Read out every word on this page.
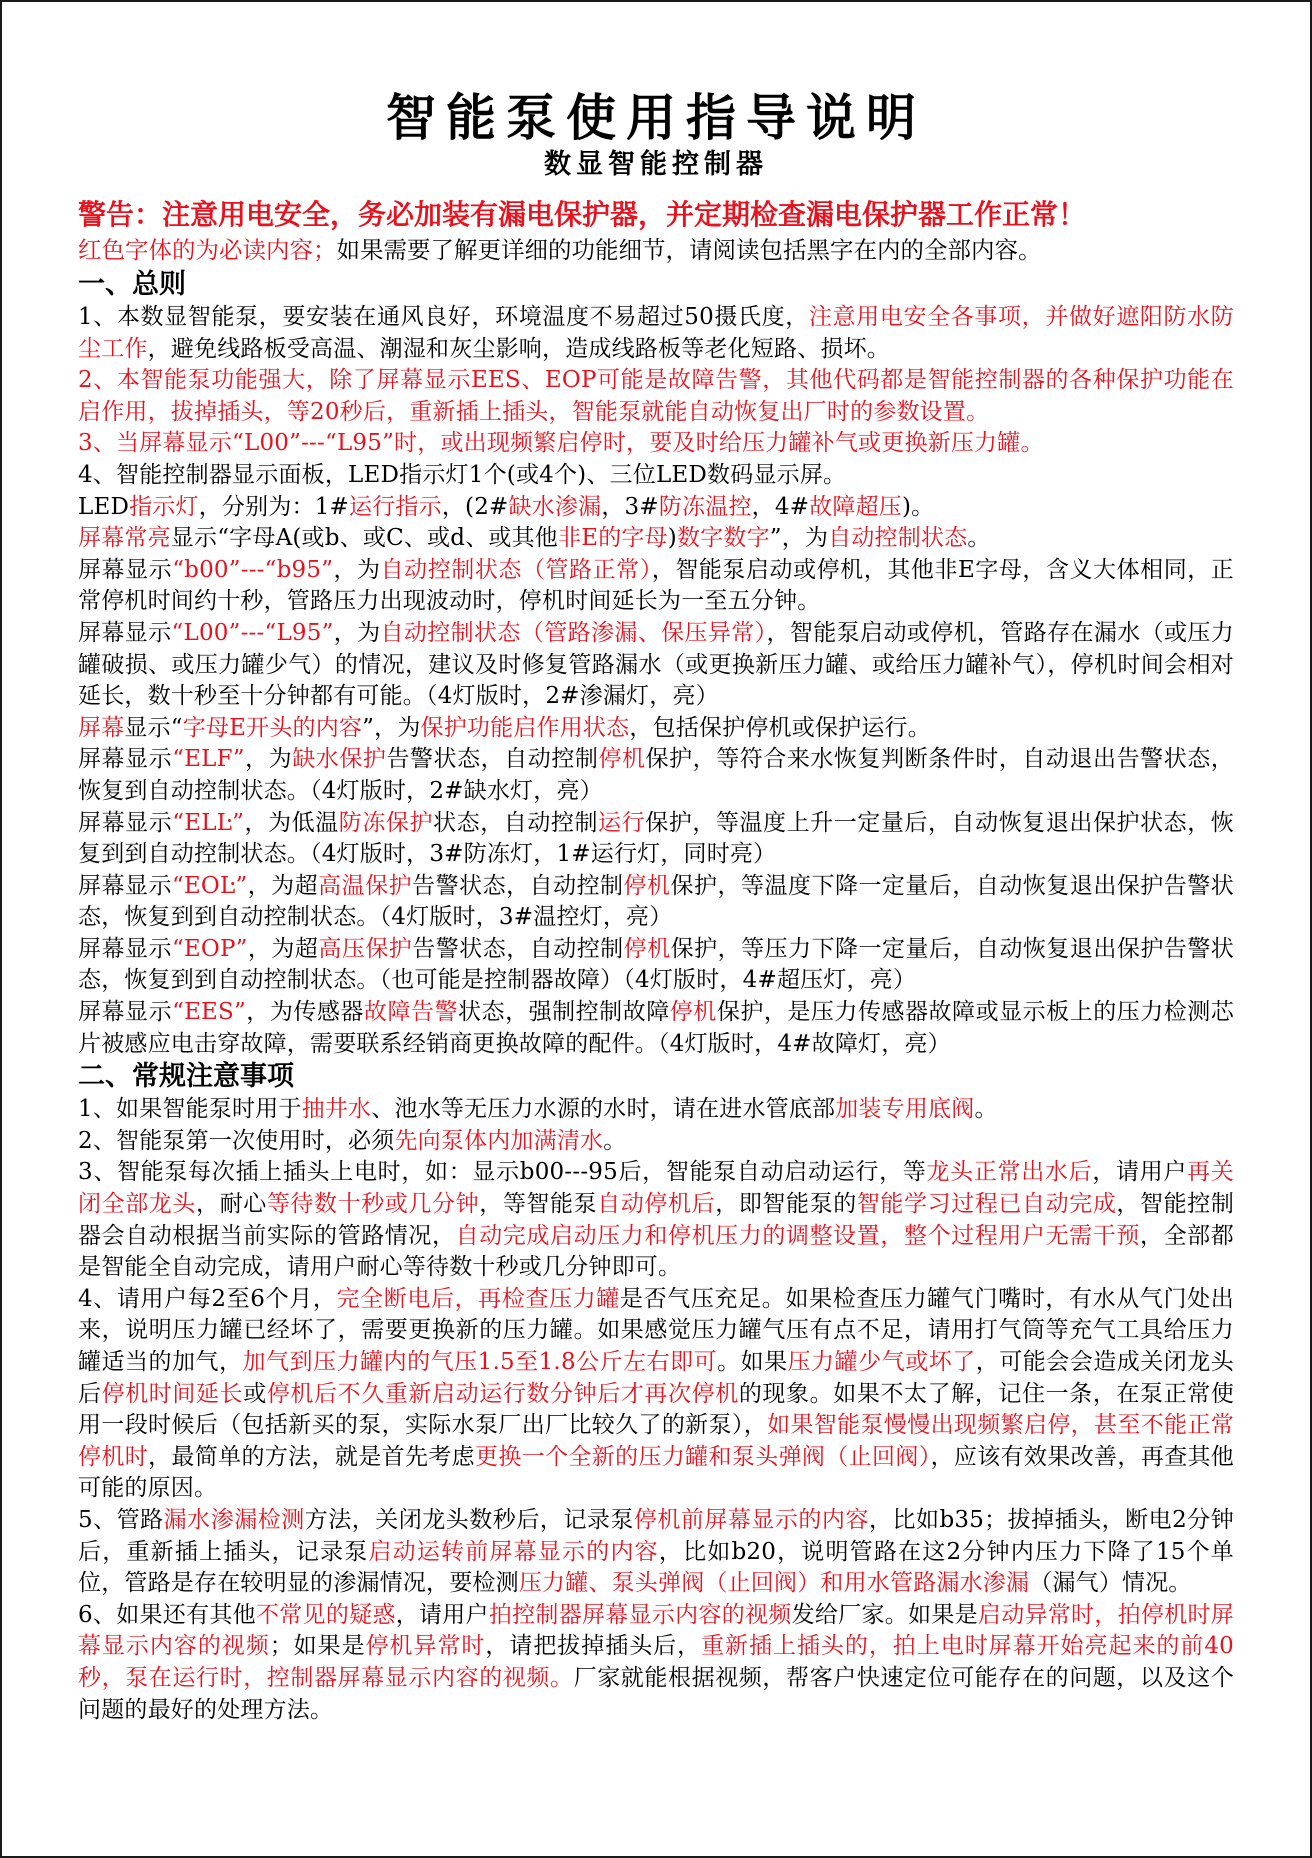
智能泵使用指导说明
数显智能控制器
警告：注意用电安全，务必加装有漏电保护器，并定期检查漏电保护器工作正常！
红色字体的为必读内容；如果需要了解更详细的功能细节，请阅读包括黑字在内的全部内容。
一、总则
1、本数显智能泵，要安装在通风良好，环境温度不易超过50摄氏度，注意用电安全各事项，并做好遮阳防水防尘工作，避免线路板受高温、潮湿和灰尘影响，造成线路板等老化短路、损坏。
2、本智能泵功能强大，除了屏幕显示EES、EOP可能是故障告警，其他代码都是智能控制器的各种保护功能在启作用，拔掉插头，等20秒后，重新插上插头，智能泵就能自动恢复出厂时的参数设置。
3、当屏幕显示“L00”---“L95”时，或出现频繁启停时，要及时给压力罐补气或更换新压力罐。
4、智能控制器显示面板，LED指示灯1个(或4个)、三位LED数码显示屏。
LED指示灯，分别为：1#运行指示，(2#缺水渗漏，3#防冻温控，4#故障超压)。
屏幕常亮显示“字母A(或b、或C、或d、或其他非E的字母)数字数字”，为自动控制状态。
屏幕显示“b00”---“b95”，为自动控制状态（管路正常），智能泵启动或停机，其他非E字母，含义大体相同，正常停机时间约十秒，管路压力出现波动时，停机时间延长为一至五分钟。
屏幕显示“L00”---“L95”，为自动控制状态（管路渗漏、保压异常），智能泵启动或停机，管路存在漏水（或压力罐破损、或压力罐少气）的情况，建议及时修复管路漏水（或更换新压力罐、或给压力罐补气），停机时间会相对延长，数十秒至十分钟都有可能。（4灯版时，2#渗漏灯，亮）
屏幕显示“字母E开头的内容”，为保护功能启作用状态，包括保护停机或保护运行。
屏幕显示“ELF”，为缺水保护告警状态，自动控制停机保护，等符合来水恢复判断条件时，自动退出告警状态，恢复到自动控制状态。（4灯版时，2#缺水灯，亮）
屏幕显示“ELĿ”，为低温防冻保护状态，自动控制运行保护，等温度上升一定量后，自动恢复退出保护状态，恢复到到自动控制状态。（4灯版时，3#防冻灯，1#运行灯，同时亮）
屏幕显示“EOĿ”，为超高温保护告警状态，自动控制停机保护，等温度下降一定量后，自动恢复退出保护告警状态，恢复到到自动控制状态。（4灯版时，3#温控灯，亮）
屏幕显示“EOP”，为超高压保护告警状态，自动控制停机保护，等压力下降一定量后，自动恢复退出保护告警状态，恢复到到自动控制状态。（也可能是控制器故障）（4灯版时，4#超压灯，亮）
屏幕显示“EES”，为传感器故障告警状态，强制控制故障停机保护，是压力传感器故障或显示板上的压力检测芯片被感应电击穿故障，需要联系经销商更换故障的配件。（4灯版时，4#故障灯，亮）
二、常规注意事项
1、如果智能泵时用于抽井水、池水等无压力水源的水时，请在进水管底部加装专用底阀。
2、智能泵第一次使用时，必须先向泵体内加满清水。
3、智能泵每次插上插头上电时，如：显示b00---95后，智能泵自动启动运行，等龙头正常出水后，请用户再关闭全部龙头，耐心等待数十秒或几分钟，等智能泵自动停机后，即智能泵的智能学习过程已自动完成，智能控制器会自动根据当前实际的管路情况，自动完成启动压力和停机压力的调整设置，整个过程用户无需干预，全部都是智能全自动完成，请用户耐心等待数十秒或几分钟即可。
4、请用户每2至6个月，完全断电后，再检查压力罐是否气压充足。如果检查压力罐气门嘴时，有水从气门处出来，说明压力罐已经坏了，需要更换新的压力罐。如果感觉压力罐气压有点不足，请用打气筒等充气工具给压力罐适当的加气，加气到压力罐内的气压1.5至1.8公斤左右即可。如果压力罐少气或坏了，可能会会造成关闭龙头后停机时间延长或停机后不久重新启动运行数分钟后才再次停机的现象。如果不太了解，记住一条，在泵正常使用一段时候后（包括新买的泵，实际水泵厂出厂比较久了的新泵），如果智能泵慢慢出现频繁启停，甚至不能正常停机时，最简单的方法，就是首先考虑更换一个全新的压力罐和泵头弹阀（止回阀），应该有效果改善，再查其他可能的原因。
5、管路漏水渗漏检测方法，关闭龙头数秒后，记录泵停机前屏幕显示的内容，比如b35；拔掉插头，断电2分钟后，重新插上插头，记录泵启动运转前屏幕显示的内容，比如b20，说明管路在这2分钟内压力下降了15个单位，管路是存在较明显的渗漏情况，要检测压力罐、泵头弹阀（止回阀）和用水管路漏水渗漏（漏气）情况。
6、如果还有其他不常见的疑惑，请用户拍控制器屏幕显示内容的视频发给厂家。如果是启动异常时，拍停机时屏幕显示内容的视频；如果是停机异常时，请把拔掉插头后，重新插上插头的，拍上电时屏幕开始亮起来的前40秒，泵在运行时，控制器屏幕显示内容的视频。厂家就能根据视频，帮客户快速定位可能存在的问题，以及这个问题的最好的处理方法。
